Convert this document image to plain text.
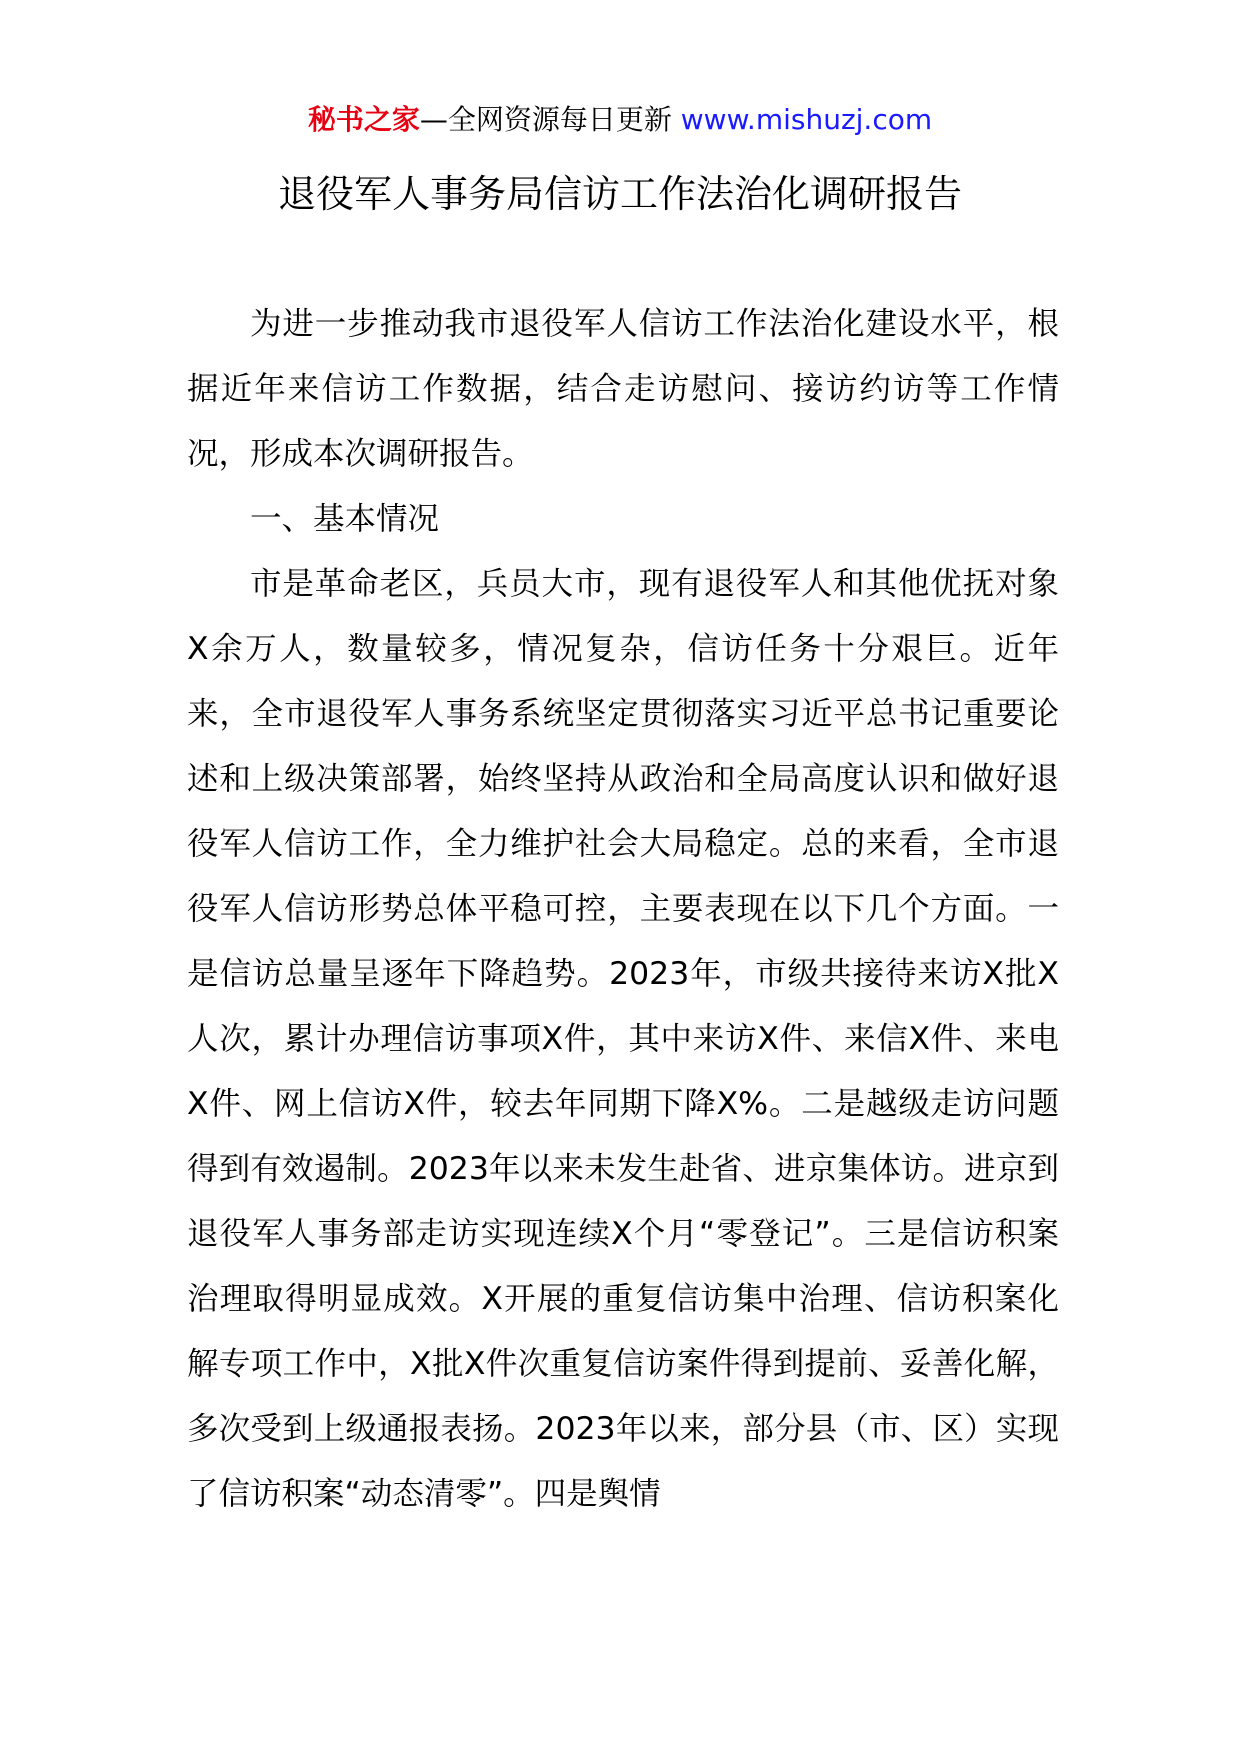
秘书之家—全网资源每日更新 www.mishuzj.com
退役军人事务局信访工作法治化调研报告

为进一步推动我市退役军人信访工作法治化建设水平，根据近年来信访工作数据，结合走访慰问、接访约访等工作情况，形成本次调研报告。

一、基本情况

市是革命老区，兵员大市，现有退役军人和其他优抚对象X余万人，数量较多，情况复杂，信访任务十分艰巨。近年来，全市退役军人事务系统坚定贯彻落实习近平总书记重要论述和上级决策部署，始终坚持从政治和全局高度认识和做好退役军人信访工作，全力维护社会大局稳定。总的来看，全市退役军人信访形势总体平稳可控，主要表现在以下几个方面。一是信访总量呈逐年下降趋势。2023年，市级共接待来访X批X人次，累计办理信访事项X件，其中来访X件、来信X件、来电X件、网上信访X件，较去年同期下降X%。二是越级走访问题得到有效遏制。2023年以来未发生赴省、进京集体访。进京到退役军人事务部走访实现连续X个月“零登记”。三是信访积案治理取得明显成效。X开展的重复信访集中治理、信访积案化解专项工作中，X批X件次重复信访案件得到提前、妥善化解，多次受到上级通报表扬。2023年以来，部分县（市、区）实现了信访积案“动态清零”。四是舆情
